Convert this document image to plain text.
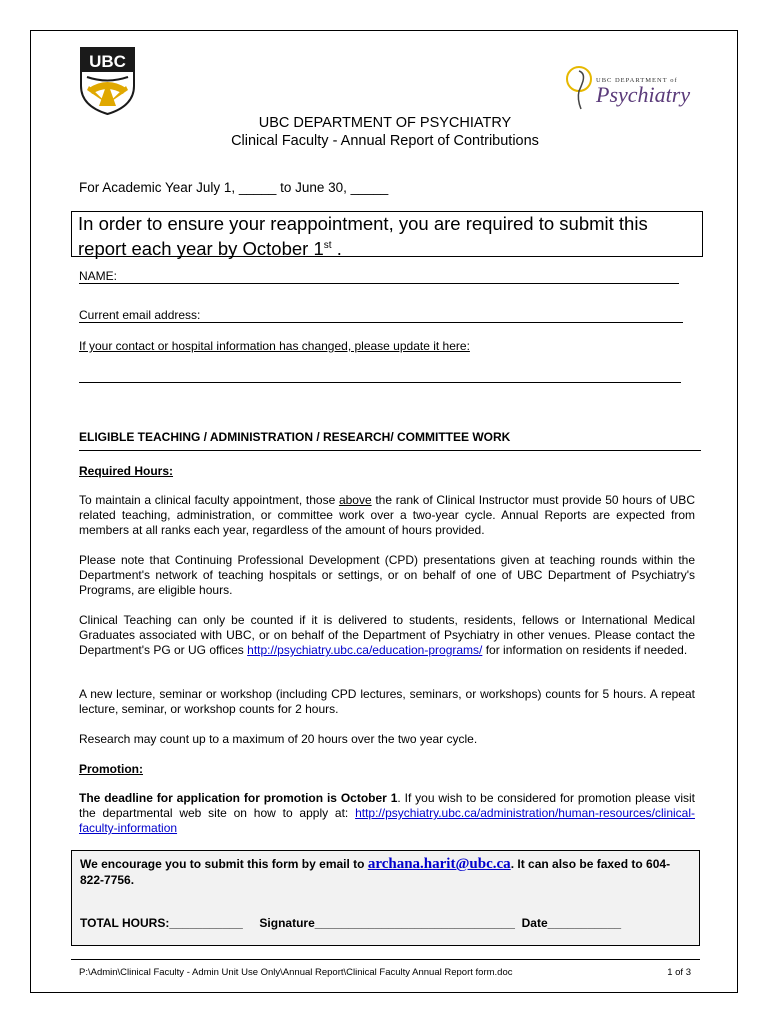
UBC
UBC DEPARTMENT of
Psychiatry
UBC DEPARTMENT OF PSYCHIATRY
Clinical Faculty - Annual Report of Contributions
For Academic Year July 1, _____ to June 30, _____
In order to ensure your reappointment, you are required to submit this report each year by October 1st .
NAME:
Current email address:
If your contact or hospital information has changed, please update it here:
ELIGIBLE TEACHING / ADMINISTRATION / RESEARCH/ COMMITTEE WORK
Required Hours:
To maintain a clinical faculty appointment, those above the rank of Clinical Instructor must provide 50 hours of UBC related teaching, administration, or committee work over a two-year cycle. Annual Reports are expected from members at all ranks each year, regardless of the amount of hours provided.
Please note that Continuing Professional Development (CPD) presentations given at teaching rounds within the Department's network of teaching hospitals or settings, or on behalf of one of UBC Department of Psychiatry's Programs, are eligible hours.
Clinical Teaching can only be counted if it is delivered to students, residents, fellows or International Medical Graduates associated with UBC, or on behalf of the Department of Psychiatry in other venues. Please contact the Department's PG or UG offices http://psychiatry.ubc.ca/education-programs/ for information on residents if needed.
A new lecture, seminar or workshop (including CPD lectures, seminars, or workshops) counts for 5 hours. A repeat lecture, seminar, or workshop counts for 2 hours.
Research may count up to a maximum of 20 hours over the two year cycle.
Promotion:
The deadline for application for promotion is October 1. If you wish to be considered for promotion please visit the departmental web site on how to apply at: http://psychiatry.ubc.ca/administration/human-resources/clinical-faculty-information
We encourage you to submit this form by email to archana.harit@ubc.ca. It can also be faxed to 604-822-7756.
TOTAL HOURS:___________     Signature______________________________  Date___________
P:\Admin\Clinical Faculty - Admin Unit Use Only\Annual Report\Clinical Faculty Annual Report form.doc	1 of 3
